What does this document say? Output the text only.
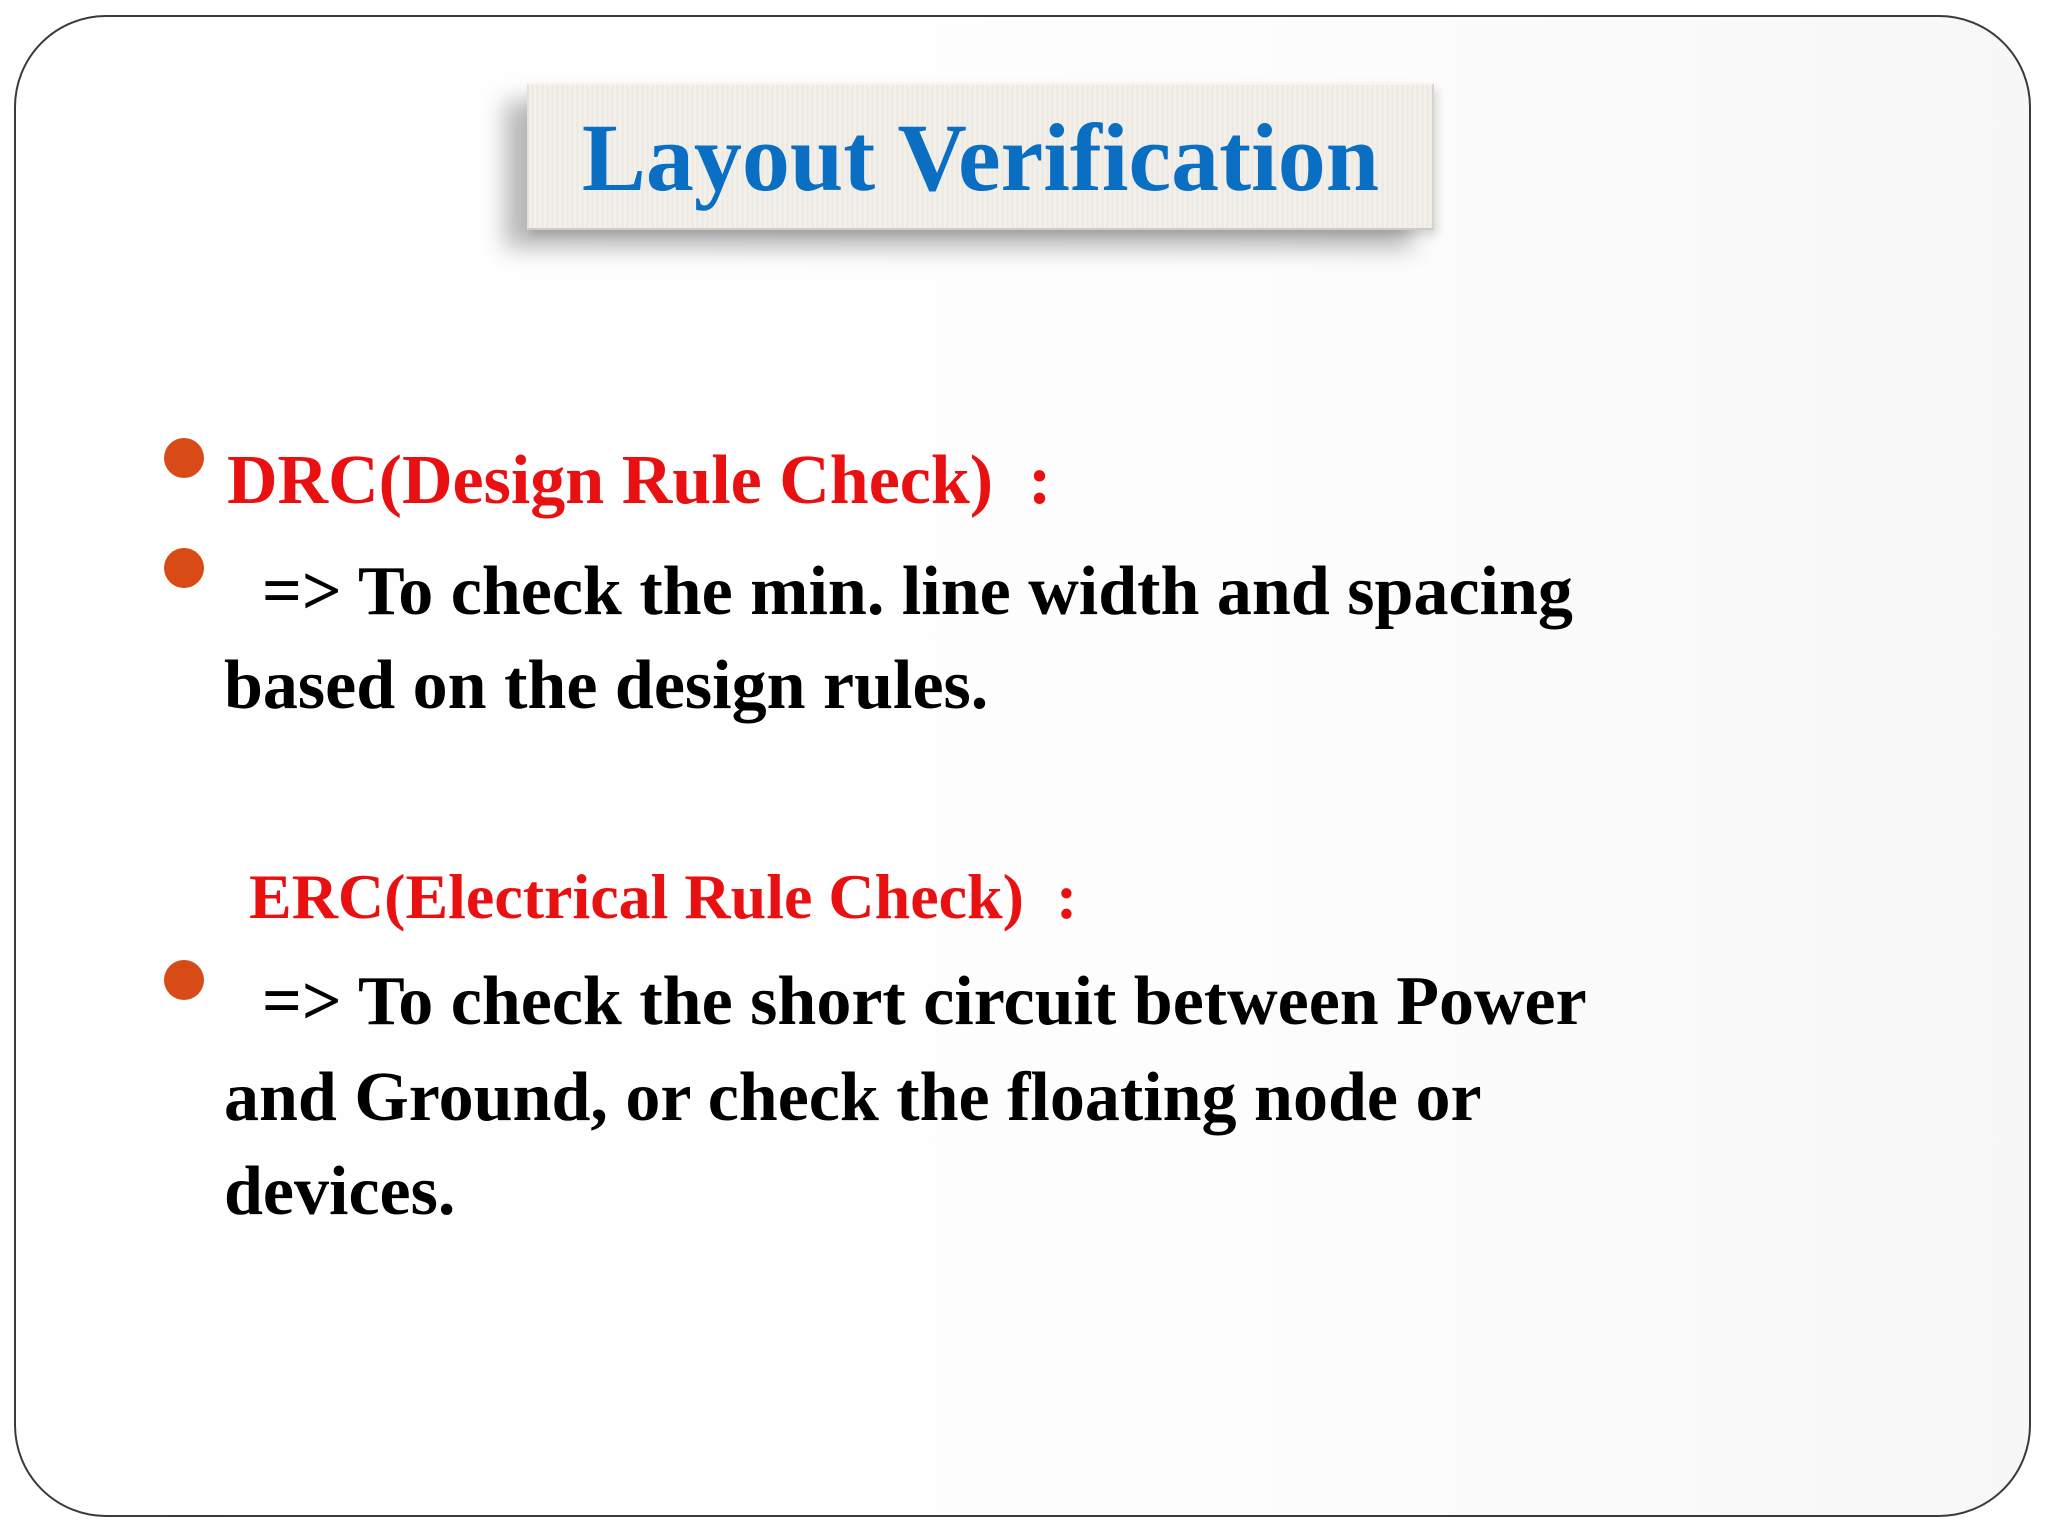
Layout Verification
DRC(Design Rule Check)  :
=> To check the min. line width and spacing
based on the design rules.
ERC(Electrical Rule Check)  :
=> To check the short circuit between Power
and Ground, or check the floating node or
devices.
